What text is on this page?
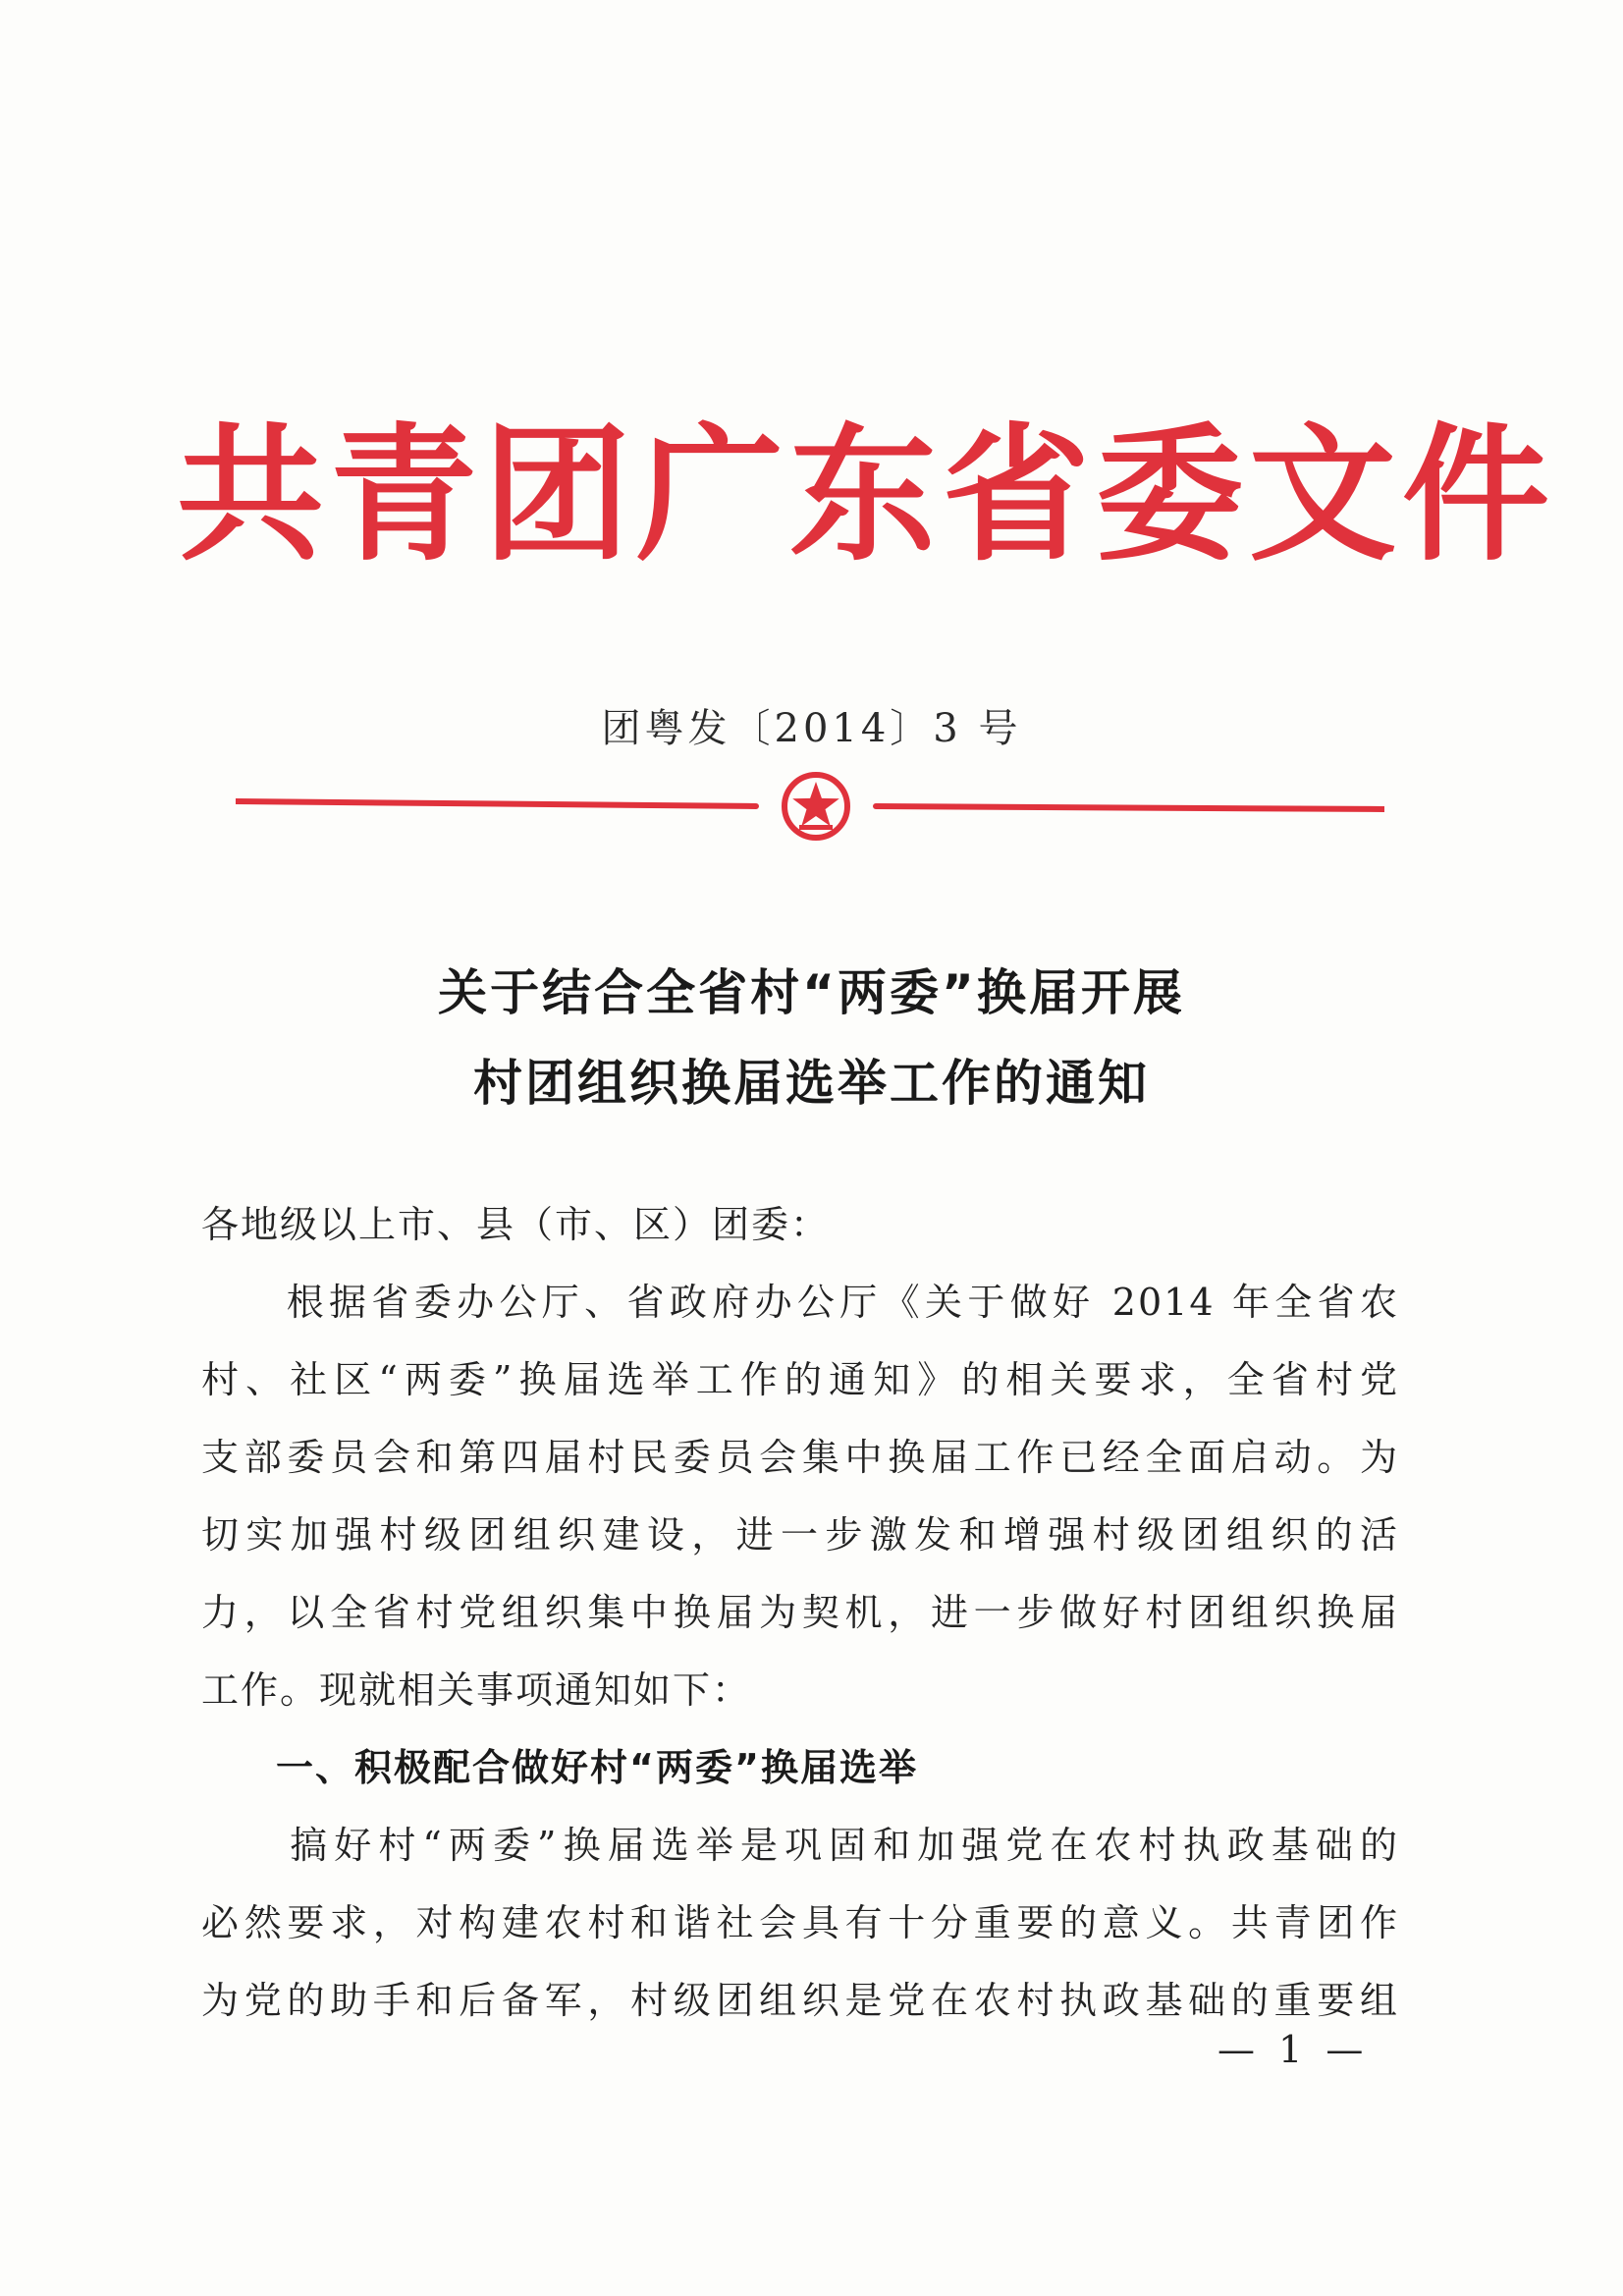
共青团广东省委文件
团粤发〔2014〕3 号
关于结合全省村“两委”换届开展
村团组织换届选举工作的通知
各地级以上市、县（市、区）团委：
　　根据省委办公厅、省政府办公厅《关于做好 2014 年全省农
村、社区“两委”换届选举工作的通知》的相关要求，全省村党
支部委员会和第四届村民委员会集中换届工作已经全面启动。为
切实加强村级团组织建设，进一步激发和增强村级团组织的活
力，以全省村党组织集中换届为契机，进一步做好村团组织换届
工作。现就相关事项通知如下：
一、积极配合做好村“两委”换届选举
　　搞好村“两委”换届选举是巩固和加强党在农村执政基础的
必然要求，对构建农村和谐社会具有十分重要的意义。共青团作
为党的助手和后备军，村级团组织是党在农村执政基础的重要组
— 1 —
